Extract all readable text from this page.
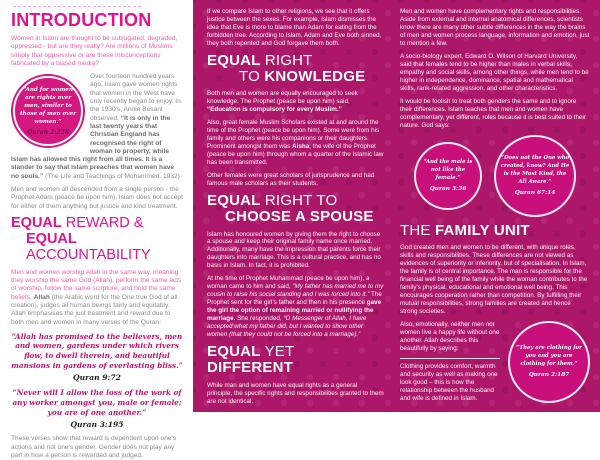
INTRODUCTION

Women in Islam are thought to be subjugated, degraded, oppressed - but are they really? Are millions of Muslims simply that oppressive or are these misconceptions fabricated by a biased media?

“And for women are rights over men, similar to those of men over women.”
Quran 2:228

Over fourteen hundred years ago, Islam gave women rights that women in the West have only recently began to enjoy. In the 1930's, Annie Besant observed, “It is only in the last twenty years that Christian England has recognised the right of woman to property, while Islam has allowed this right from all times. It is a slander to say that Islam preaches that women have no souls.” (The Life and Teachings of Mohammed, 1932)

Men and women all descended from a single person - the Prophet Adam (peace be upon him). Islam does not accept for either of them anything but justice and kind treatment.

EQUAL REWARD &
EQUAL ACCOUNTABILITY

Men and women worship Allah in the same way, meaning they worship the same God (Allah), perform the same acts of worship, follow the same scripture, and hold the same beliefs. Allah (the Arabic word for the One true God of all creation), judges all human beings fairly and equitably. Allah emphasises the just treatment and reward due to both men and women in many verses of the Quran:

“Allah has promised to the believers, men and women, gardens under which rivers flow, to dwell therein, and beautiful mansions in gardens of everlasting bliss.”
Quran 9:72
“Never will I allow the loss of the work of any worker amongst you, male or female; you are of one another.”
Quran 3:195

These verses show that reward is dependent upon one's actions and not one's gender. Gender does not play any part in how a person is rewarded and judged.

If we compare Islam to other religions, we see that it offers justice between the sexes. For example, Islam dismisses the idea that Eve is more to blame than Adam for eating from the forbidden tree. According to Islam, Adam and Eve both sinned, they both repented and God forgave them both.

EQUAL RIGHT
TO KNOWLEDGE

Both men and women are equally encouraged to seek knowledge. The Prophet (peace be upon him) said, “Education is compulsory for every Muslim.”

Also, great female Muslim Scholars existed at and around the time of the Prophet (peace be upon him). Some were from his family and others were his companions or their daughters. Prominent amongst them was Aisha, the wife of the Prophet (peace be upon him) through whom a quarter of the Islamic law has been transmitted.

Other females were great scholars of jurisprudence and had famous male scholars as their students.

EQUAL RIGHT TO
CHOOSE A SPOUSE

Islam has honoured women by giving them the right to choose a spouse and keep their original family name once married. Additionally, many have the impression that parents force their daughters into marriage. This is a cultural practice, and has no basis in Islam. In fact, it is prohibited.

At the time of Prophet Muhammad (peace be upon him), a woman came to him and said, “My father has married me to my cousin to raise his social standing and I was forced into it.” The Prophet sent for the girl's father and then in his presence gave the girl the option of remaining married or nullifying the marriage. She responded, “O Messenger of Allah, I have accepted what my father did, but I wanted to show other women (that they could not be forced into a marriage).”

EQUAL YET DIFFERENT

While man and women have equal rights as a general principle, the specific rights and responsibilities granted to them are not identical.

Men and women have complementary rights and responsibilities. Aside from external and internal anatomical differences, scientists know there are many other subtle differences in the way the brains of men and women process language, information and emotion, just to mention a few.

A socio-biology expert, Edward O. Wilson of Harvard University, said that females tend to be higher than males in verbal skills, empathy and social skills, among other things, while men tend to be higher in independence, dominance, spatial and mathematical skills, rank-related aggression, and other characteristics.

It would be foolish to treat both genders the same and to ignore their differences. Islam teaches that men and women have complementary, yet different, roles because it is best suited to their nature. God says:

“And the male is not like the female.”
Quran 3:36
“Does not the One who created, know? And He is the Most Kind, the All Aware.”
Quran 67:14
THE FAMILY UNIT

God created men and women to be different, with unique roles, skills and responsibilities. These differences are not viewed as evidences of superiority or inferiority, but of specialisation. In Islam, the family is of central importance. The man is responsible for the financial well being of the family while the woman contributes to the family's physical, educational and emotional well being. This encourages cooperation rather than competition. By fulfilling their mutual responsibilities, strong families are created and hence strong societies.

Also, emotionally, neither men nor women live a happy life without one another. Allah describes this beautifully by saying:

Clothing provides comfort, warmth and security as well as making one look good – this is how the relationship between the husband and wife is defined in Islam.

“They are clothing for you and you are clothing for them.”
Quran 2:187
